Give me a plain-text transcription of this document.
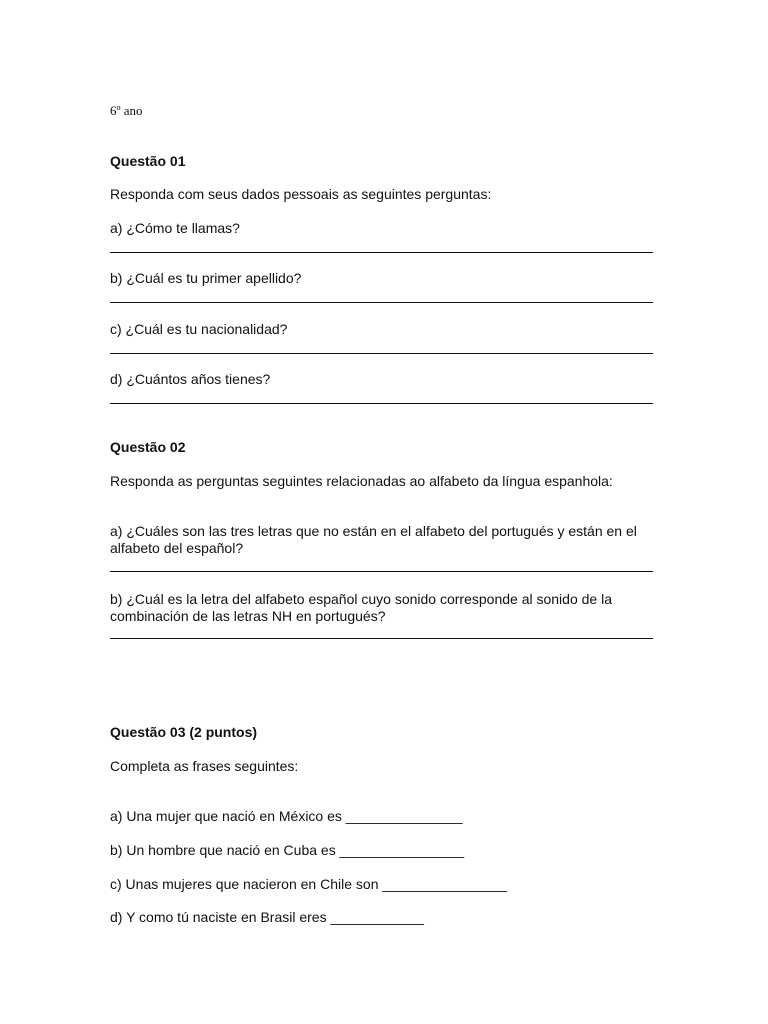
6º ano
Questão 01
Responda com seus dados pessoais as seguintes perguntas:
a) ¿Cómo te llamas?
b) ¿Cuál es tu primer apellido?
c) ¿Cuál es tu nacionalidad?
d) ¿Cuántos años tienes?
Questão 02
Responda as perguntas seguintes relacionadas ao alfabeto da língua espanhola:
a) ¿Cuáles son las tres letras que no están en el alfabeto del portugués y están en el alfabeto del español?
b) ¿Cuál es la letra del alfabeto español cuyo sonido corresponde al sonido de la combinación de las letras NH en portugués?
Questão 03 (2 puntos)
Completa as frases seguintes:
a) Una mujer que nació en México es _______________
b) Un hombre que nació en Cuba es ________________
c) Unas mujeres que nacieron en Chile son ________________
d) Y como tú naciste en Brasil eres ____________
